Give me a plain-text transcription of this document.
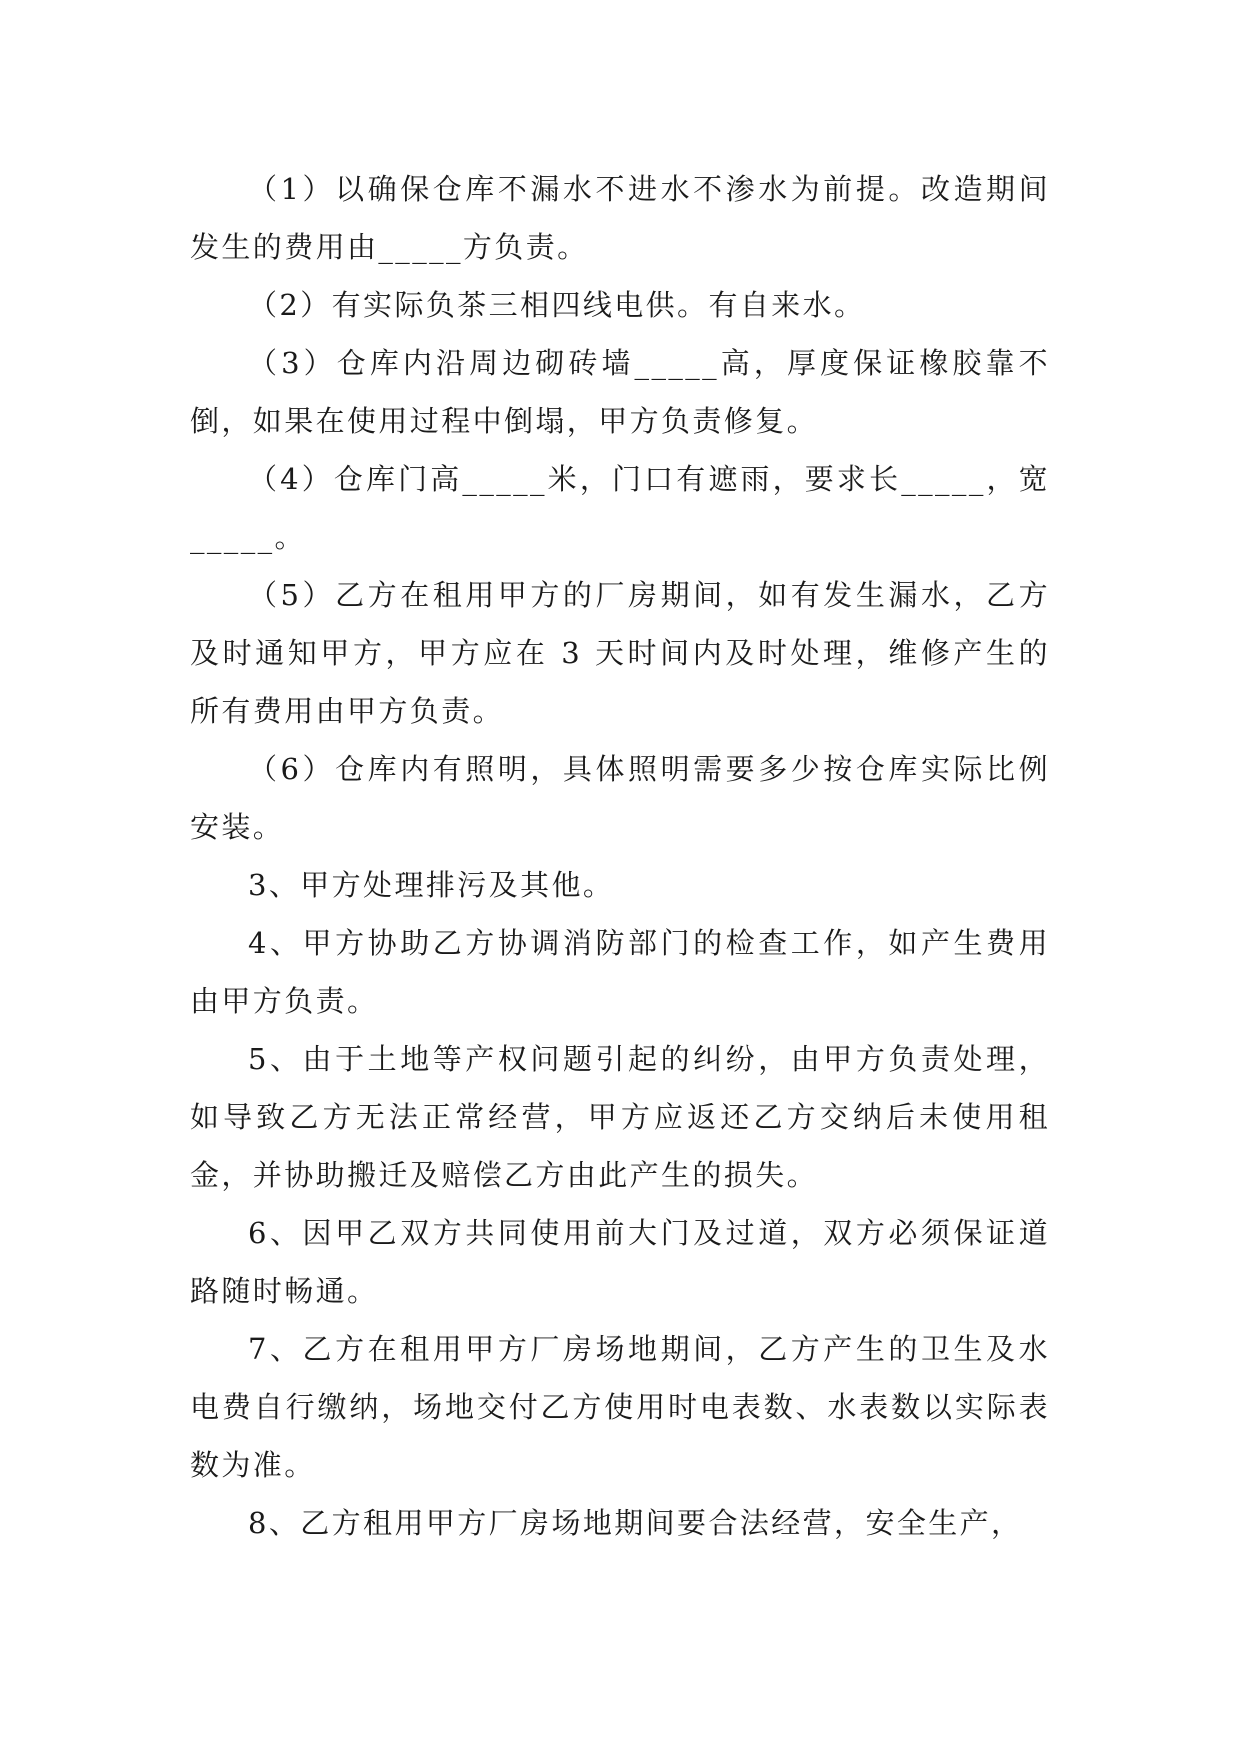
（1）以确保仓库不漏水不进水不渗水为前提。改造期间发生的费用由_____方负责。

（2）有实际负茶三相四线电供。有自来水。

（3）仓库内沿周边砌砖墙_____高，厚度保证橡胶靠不倒，如果在使用过程中倒塌，甲方负责修复。

（4）仓库门高_____米，门口有遮雨，要求长_____，宽_____。

（5）乙方在租用甲方的厂房期间，如有发生漏水，乙方及时通知甲方，甲方应在 3 天时间内及时处理，维修产生的所有费用由甲方负责。

（6）仓库内有照明，具体照明需要多少按仓库实际比例安装。

3、甲方处理排污及其他。

4、甲方协助乙方协调消防部门的检查工作，如产生费用由甲方负责。

5、由于土地等产权问题引起的纠纷，由甲方负责处理，如导致乙方无法正常经营，甲方应返还乙方交纳后未使用租金，并协助搬迁及赔偿乙方由此产生的损失。

6、因甲乙双方共同使用前大门及过道，双方必须保证道路随时畅通。

7、乙方在租用甲方厂房场地期间，乙方产生的卫生及水电费自行缴纳，场地交付乙方使用时电表数、水表数以实际表数为准。

8、乙方租用甲方厂房场地期间要合法经营，安全生产，
